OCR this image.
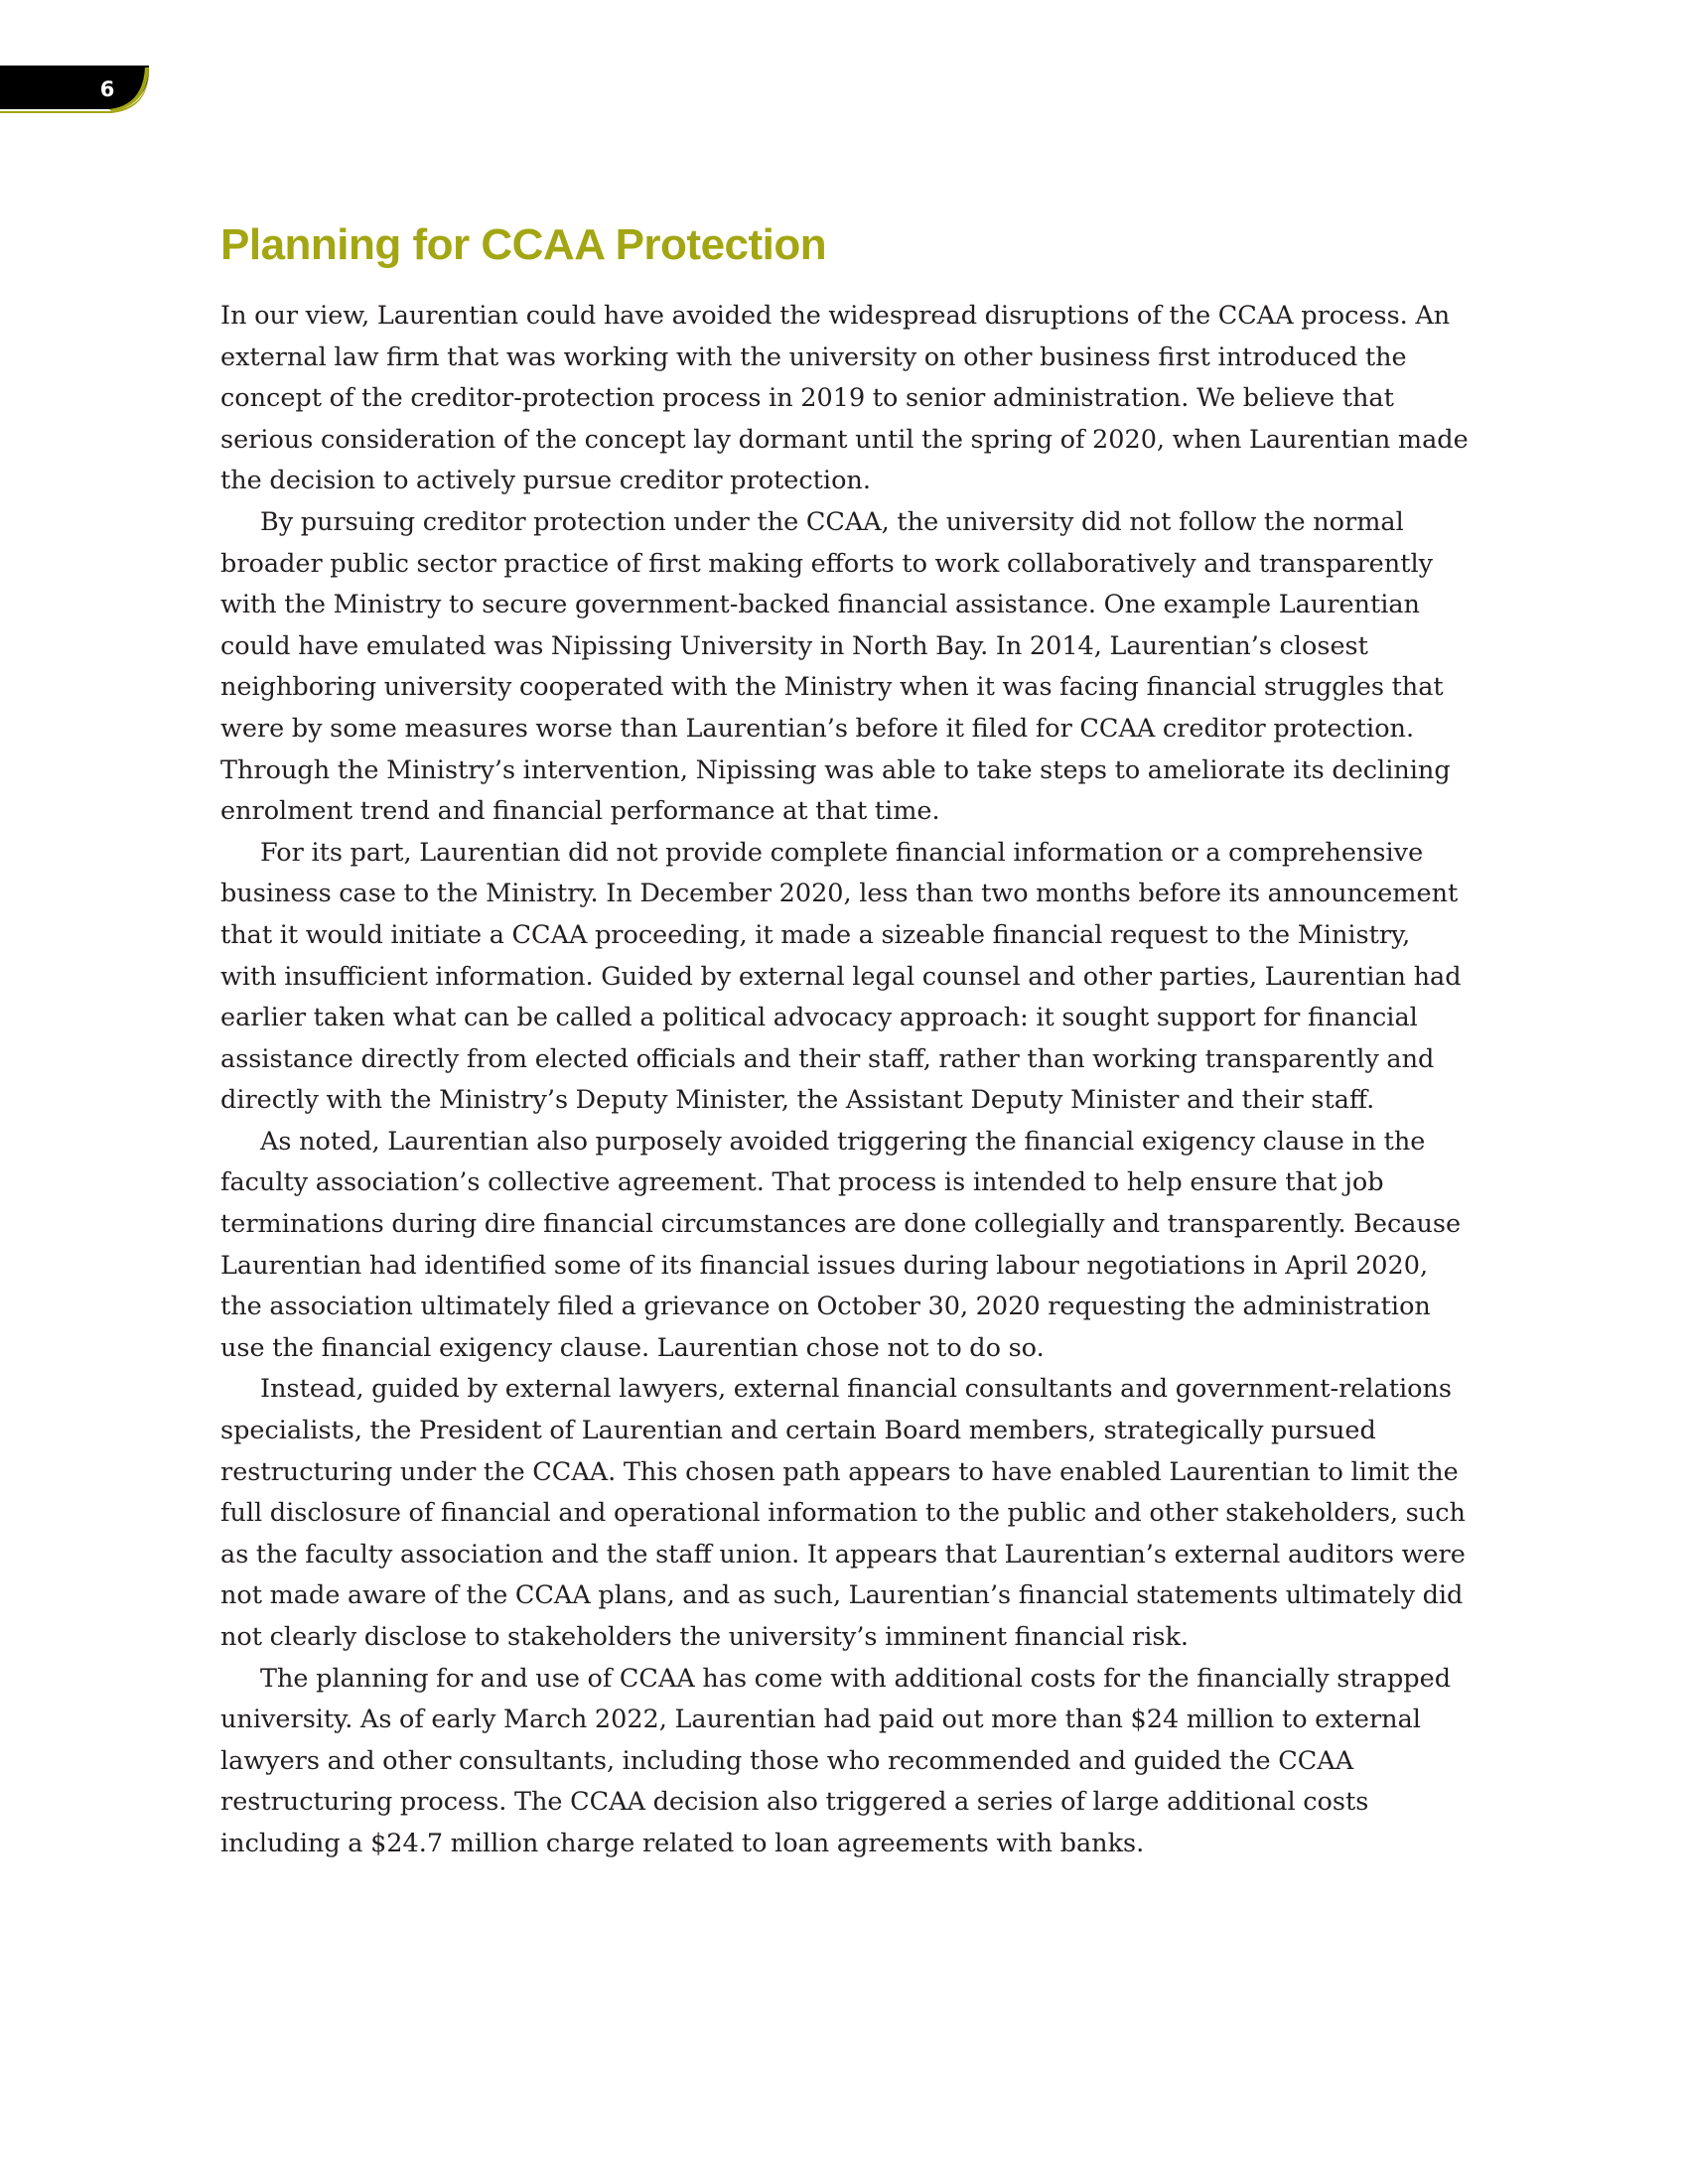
6
Planning for CCAA Protection

In our view, Laurentian could have avoided the widespread disruptions of the CCAA process. An external law firm that was working with the university on other business first introduced the concept of the creditor-protection process in 2019 to senior administration. We believe that serious consideration of the concept lay dormant until the spring of 2020, when Laurentian made the decision to actively pursue creditor protection.

By pursuing creditor protection under the CCAA, the university did not follow the normal broader public sector practice of first making efforts to work collaboratively and transparently with the Ministry to secure government-backed financial assistance. One example Laurentian could have emulated was Nipissing University in North Bay. In 2014, Laurentian’s closest neighboring university cooperated with the Ministry when it was facing financial struggles that were by some measures worse than Laurentian’s before it filed for CCAA creditor protection. Through the Ministry’s intervention, Nipissing was able to take steps to ameliorate its declining enrolment trend and financial performance at that time.

For its part, Laurentian did not provide complete financial information or a comprehensive business case to the Ministry. In December 2020, less than two months before its announcement that it would initiate a CCAA proceeding, it made a sizeable financial request to the Ministry, with insufficient information. Guided by external legal counsel and other parties, Laurentian had earlier taken what can be called a political advocacy approach: it sought support for financial assistance directly from elected officials and their staff, rather than working transparently and directly with the Ministry’s Deputy Minister, the Assistant Deputy Minister and their staff.

As noted, Laurentian also purposely avoided triggering the financial exigency clause in the faculty association’s collective agreement. That process is intended to help ensure that job terminations during dire financial circumstances are done collegially and transparently. Because Laurentian had identified some of its financial issues during labour negotiations in April 2020, the association ultimately filed a grievance on October 30, 2020 requesting the administration use the financial exigency clause. Laurentian chose not to do so.

Instead, guided by external lawyers, external financial consultants and government-relations specialists, the President of Laurentian and certain Board members, strategically pursued restructuring under the CCAA. This chosen path appears to have enabled Laurentian to limit the full disclosure of financial and operational information to the public and other stakeholders, such as the faculty association and the staff union. It appears that Laurentian’s external auditors were not made aware of the CCAA plans, and as such, Laurentian’s financial statements ultimately did not clearly disclose to stakeholders the university’s imminent financial risk.

The planning for and use of CCAA has come with additional costs for the financially strapped university. As of early March 2022, Laurentian had paid out more than $24 million to external lawyers and other consultants, including those who recommended and guided the CCAA restructuring process. The CCAA decision also triggered a series of large additional costs including a $24.7 million charge related to loan agreements with banks.
